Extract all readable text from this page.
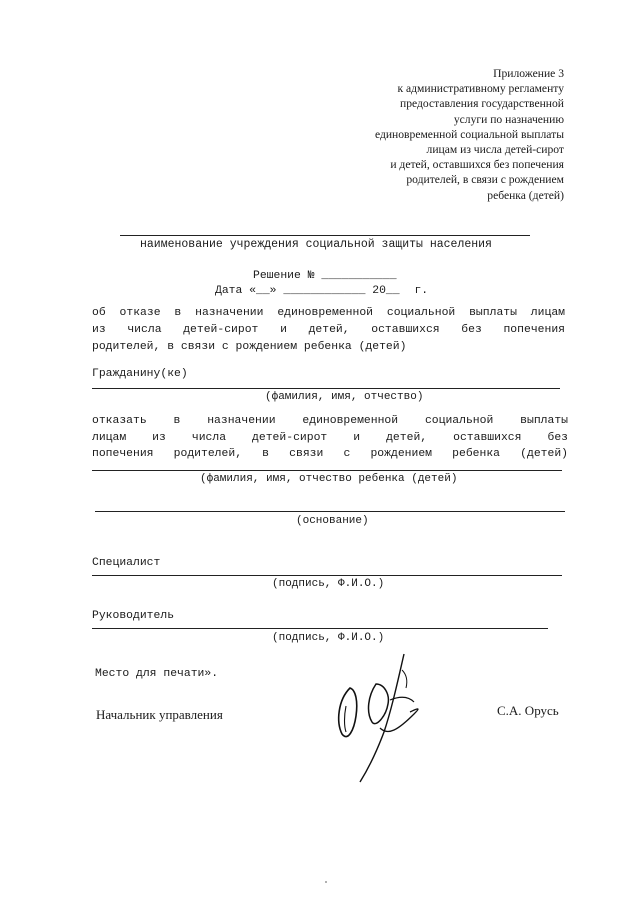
Приложение 3
к административному регламенту
предоставления государственной
услуги по назначению
единовременной социальной выплаты
лицам из числа детей-сирот
и детей, оставшихся без попечения
родителей, в связи с рождением
ребенка (детей)
наименование учреждения социальной защиты населения
Решение № ___________
Дата «__» ____________ 20__ г.
об отказе в назначении единовременной социальной выплаты лицам
из числа детей-сирот и детей, оставшихся без попечения
родителей, в связи с рождением ребенка (детей)
Гражданину(ке)
(фамилия, имя, отчество)
отказать в назначении единовременной социальной выплаты
лицам из числа детей-сирот и детей, оставшихся без
попечения родителей, в связи с рождением ребенка (детей)
(фамилия, имя, отчество ребенка (детей)
(основание)
Специалист
(подпись, Ф.И.О.)
Руководитель
(подпись, Ф.И.О.)
Место для печати».
Начальник управления	С.А. Орусь
